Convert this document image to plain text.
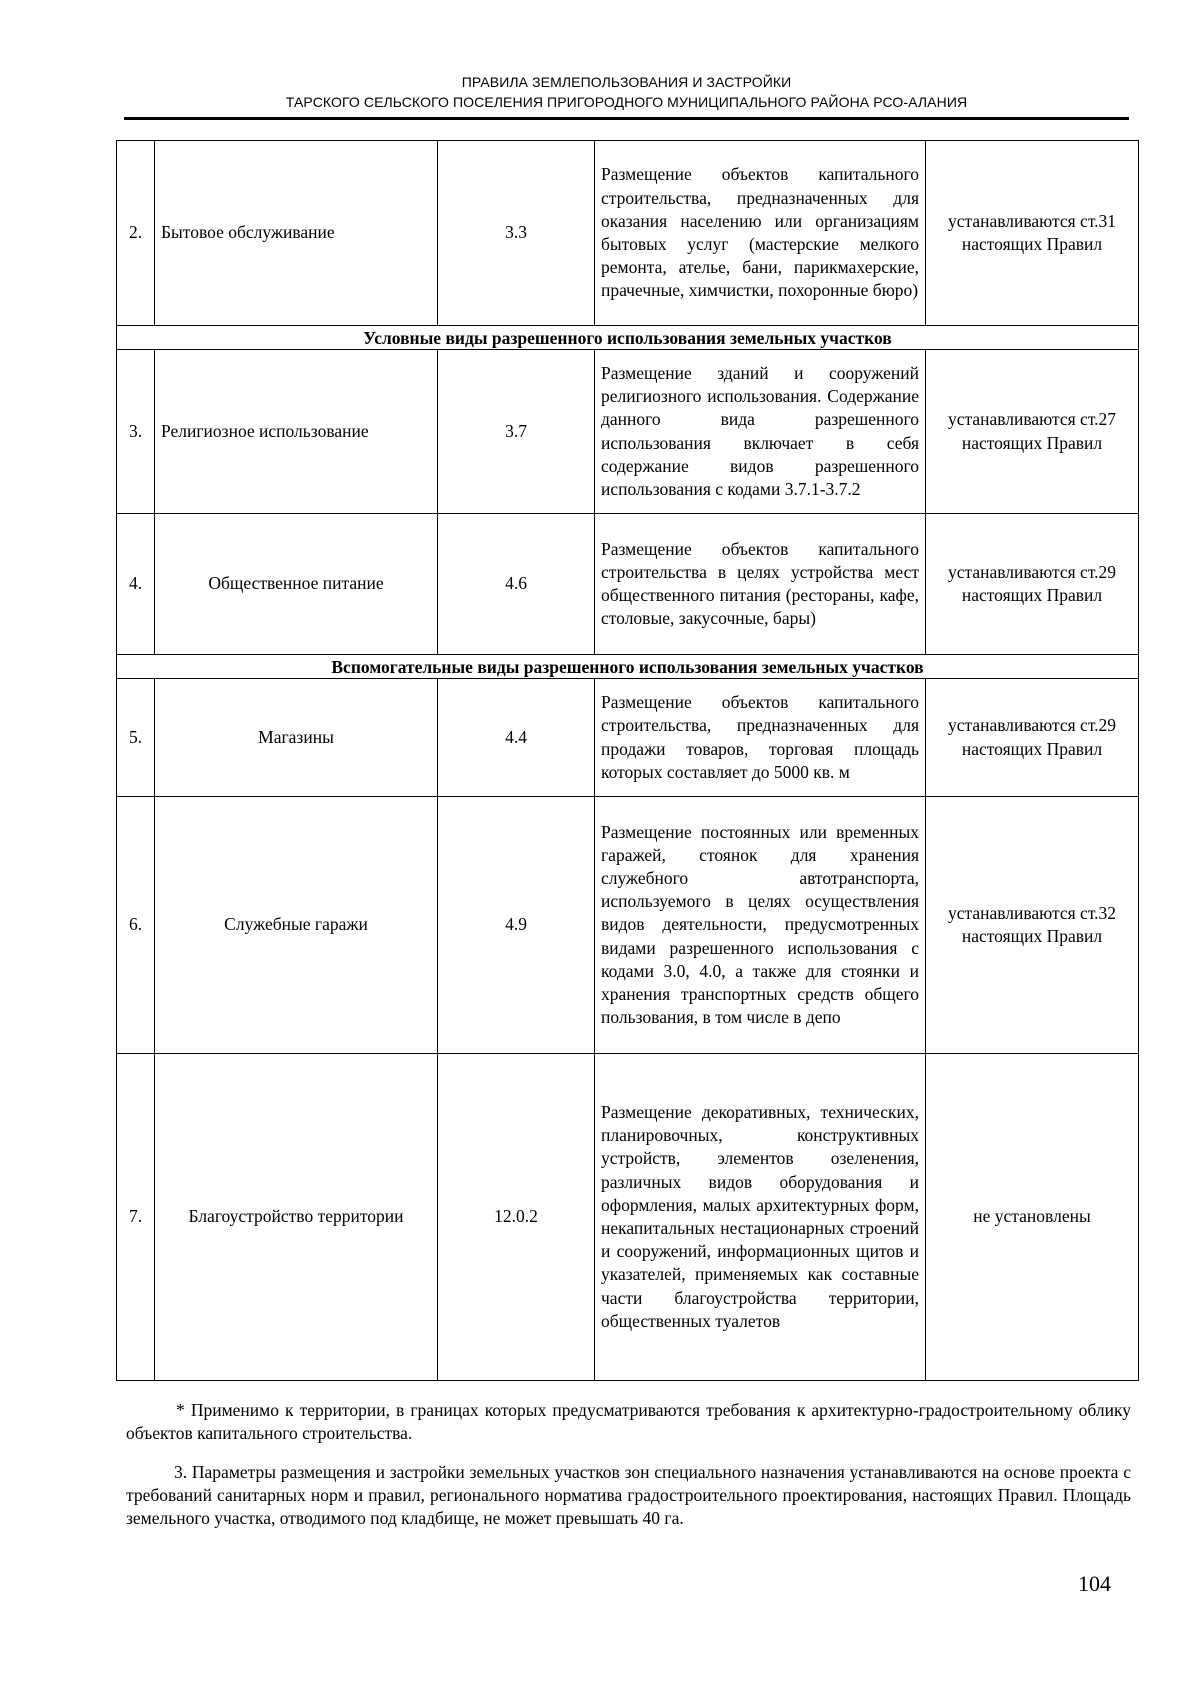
ПРАВИЛА ЗЕМЛЕПОЛЬЗОВАНИЯ И ЗАСТРОЙКИ
ТАРСКОГО СЕЛЬСКОГО ПОСЕЛЕНИЯ ПРИГОРОДНОГО МУНИЦИПАЛЬНОГО РАЙОНА РСО-АЛАНИЯ
2.	Бытовое обслуживание	3.3	Размещение объектов капитального строительства, предназначенных для оказания населению или организациям бытовых услуг (мастерские мелкого ремонта, ателье, бани, парикмахерские, прачечные, химчистки, похоронные бюро)	устанавливаются ст.31 настоящих Правил
Условные виды разрешенного использования земельных участков				
3.	Религиозное использование	3.7	Размещение зданий и сооружений религиозного использования. Содержание данного вида разрешенного использования включает в себя содержание видов разрешенного использования с кодами 3.7.1-3.7.2	устанавливаются ст.27 настоящих Правил
4.	Общественное питание	4.6	Размещение объектов капитального строительства в целях устройства мест общественного питания (рестораны, кафе, столовые, закусочные, бары)	устанавливаются ст.29 настоящих Правил
Вспомогательные виды разрешенного использования земельных участков				
5.	Магазины	4.4	Размещение объектов капитального строительства, предназначенных для продажи товаров, торговая площадь которых составляет до 5000 кв. м	устанавливаются ст.29 настоящих Правил
6.	Служебные гаражи	4.9	Размещение постоянных или временных гаражей, стоянок для хранения служебного автотранспорта, используемого в целях осуществления видов деятельности, предусмотренных видами разрешенного использования с кодами 3.0, 4.0, а также для стоянки и хранения транспортных средств общего пользования, в том числе в депо	устанавливаются ст.32 настоящих Правил
7.	Благоустройство территории	12.0.2	Размещение декоративных, технических, планировочных, конструктивных устройств, элементов озеленения, различных видов оборудования и оформления, малых архитектурных форм, некапитальных нестационарных строений и сооружений, информационных щитов и указателей, применяемых как составные части благоустройства территории, общественных туалетов	не установлены
* Применимо к территории, в границах которых предусматриваются требования к архитектурно-градостроительному облику объектов капитального строительства.
3. Параметры размещения и застройки земельных участков зон специального назначения устанавливаются на основе проекта с требований санитарных норм и правил, регионального норматива градостроительного проектирования, настоящих Правил. Площадь земельного участка, отводимого под кладбище, не может превышать 40 га.
104
